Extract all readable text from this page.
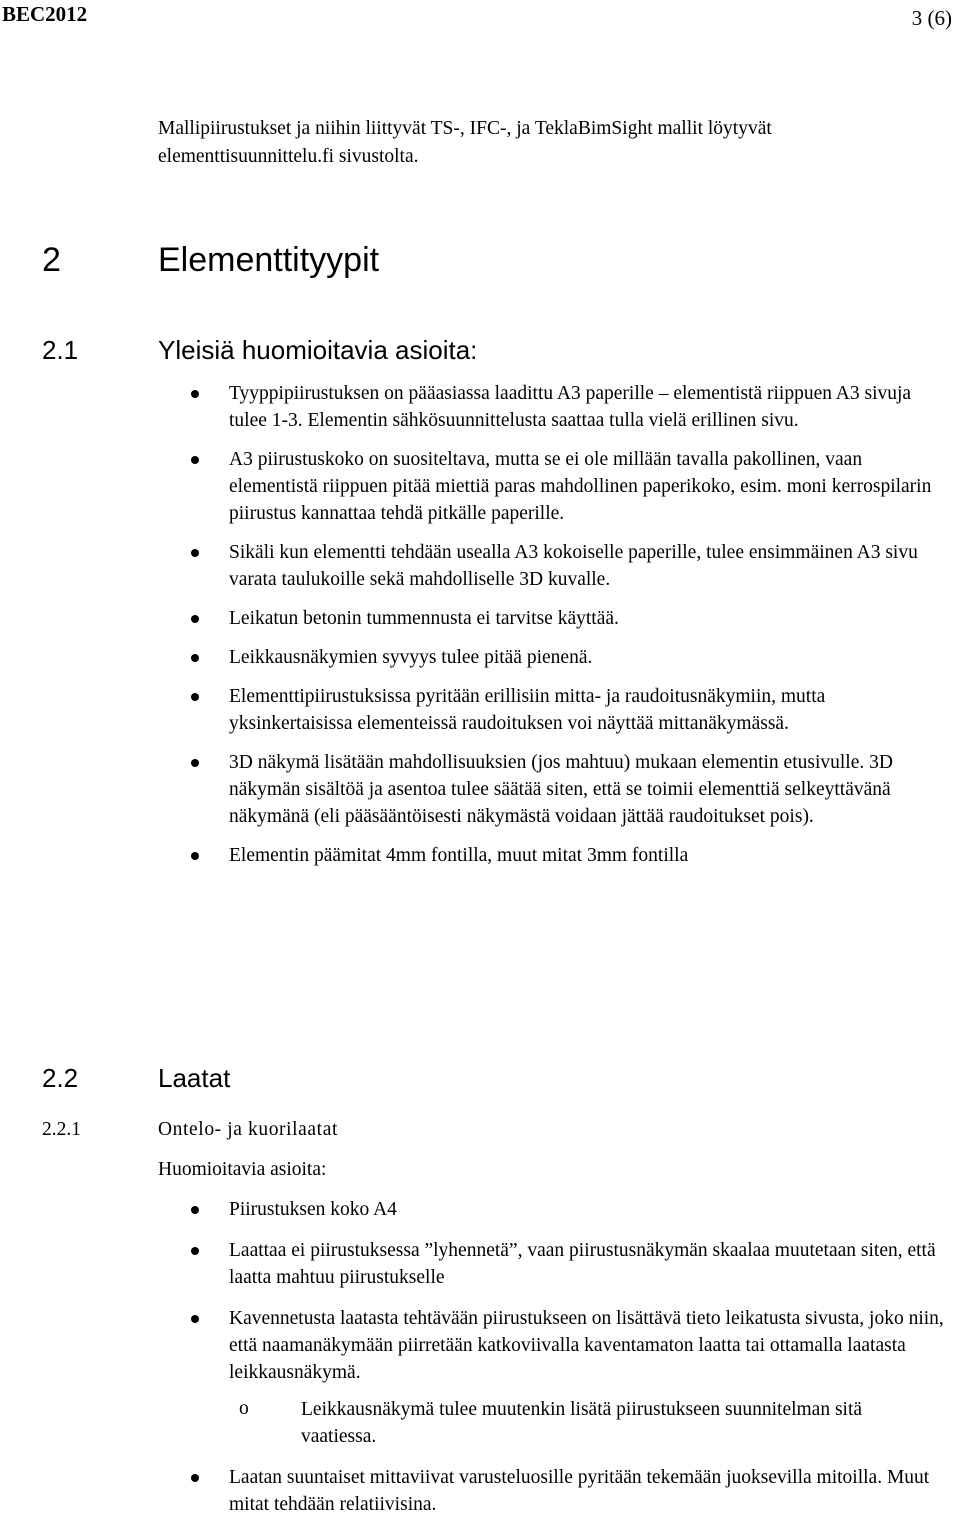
BEC2012	3 (6)
Mallipiirustukset ja niihin liittyvät TS-, IFC-, ja TeklaBimSight mallit löytyvät elementtisuunnittelu.fi sivustolta.
2	Elementtityypit
2.1	Yleisiä huomioitavia asioita:
Tyyppipiirustuksen on pääasiassa laadittu A3 paperille – elementistä riippuen A3 sivuja tulee 1-3. Elementin sähkösuunnittelusta saattaa tulla vielä erillinen sivu.
A3 piirustuskoko on suositeltava, mutta se ei ole millään tavalla pakollinen, vaan elementistä riippuen pitää miettiä paras mahdollinen paperikoko, esim. moni kerrospilarin piirustus kannattaa tehdä pitkälle paperille.
Sikäli kun elementti tehdään usealla A3 kokoiselle paperille, tulee ensimmäinen A3 sivu varata taulukoille sekä mahdolliselle 3D kuvalle.
Leikatun betonin tummennusta ei tarvitse käyttää.
Leikkausnäkymien syvyys tulee pitää pienenä.
Elementtipiirustuksissa pyritään erillisiin mitta- ja raudoitusnäkymiin, mutta yksinkertaisissa elementeissä raudoituksen voi näyttää mittanäkymässä.
3D näkymä lisätään mahdollisuuksien (jos mahtuu) mukaan elementin etusivulle. 3D näkymän sisältöä ja asentoa tulee säätää siten, että se toimii elementtiä selkeyttävänä näkymänä (eli pääsääntöisesti näkymästä voidaan jättää raudoitukset pois).
Elementin päämitat 4mm fontilla, muut mitat 3mm fontilla
2.2	Laatat
2.2.1	Ontelo- ja kuorilaatat
Huomioitavia asioita:
Piirustuksen koko A4
Laattaa ei piirustuksessa ”lyhennetä”, vaan piirustusnäkymän skaalaa muutetaan siten, että laatta mahtuu piirustukselle
Kavennetusta laatasta tehtävään piirustukseen on lisättävä tieto leikatusta sivusta, joko niin, että naamanäkymään piirretään katkoviivalla kaventamaton laatta tai ottamalla laatasta leikkausnäkymä.
o	Leikkausnäkymä tulee muutenkin lisätä piirustukseen suunnitelman sitä vaatiessa.
Laatan suuntaiset mittaviivat varusteluosille pyritään tekemään juoksevilla mitoilla. Muut mitat tehdään relatiivisina.
